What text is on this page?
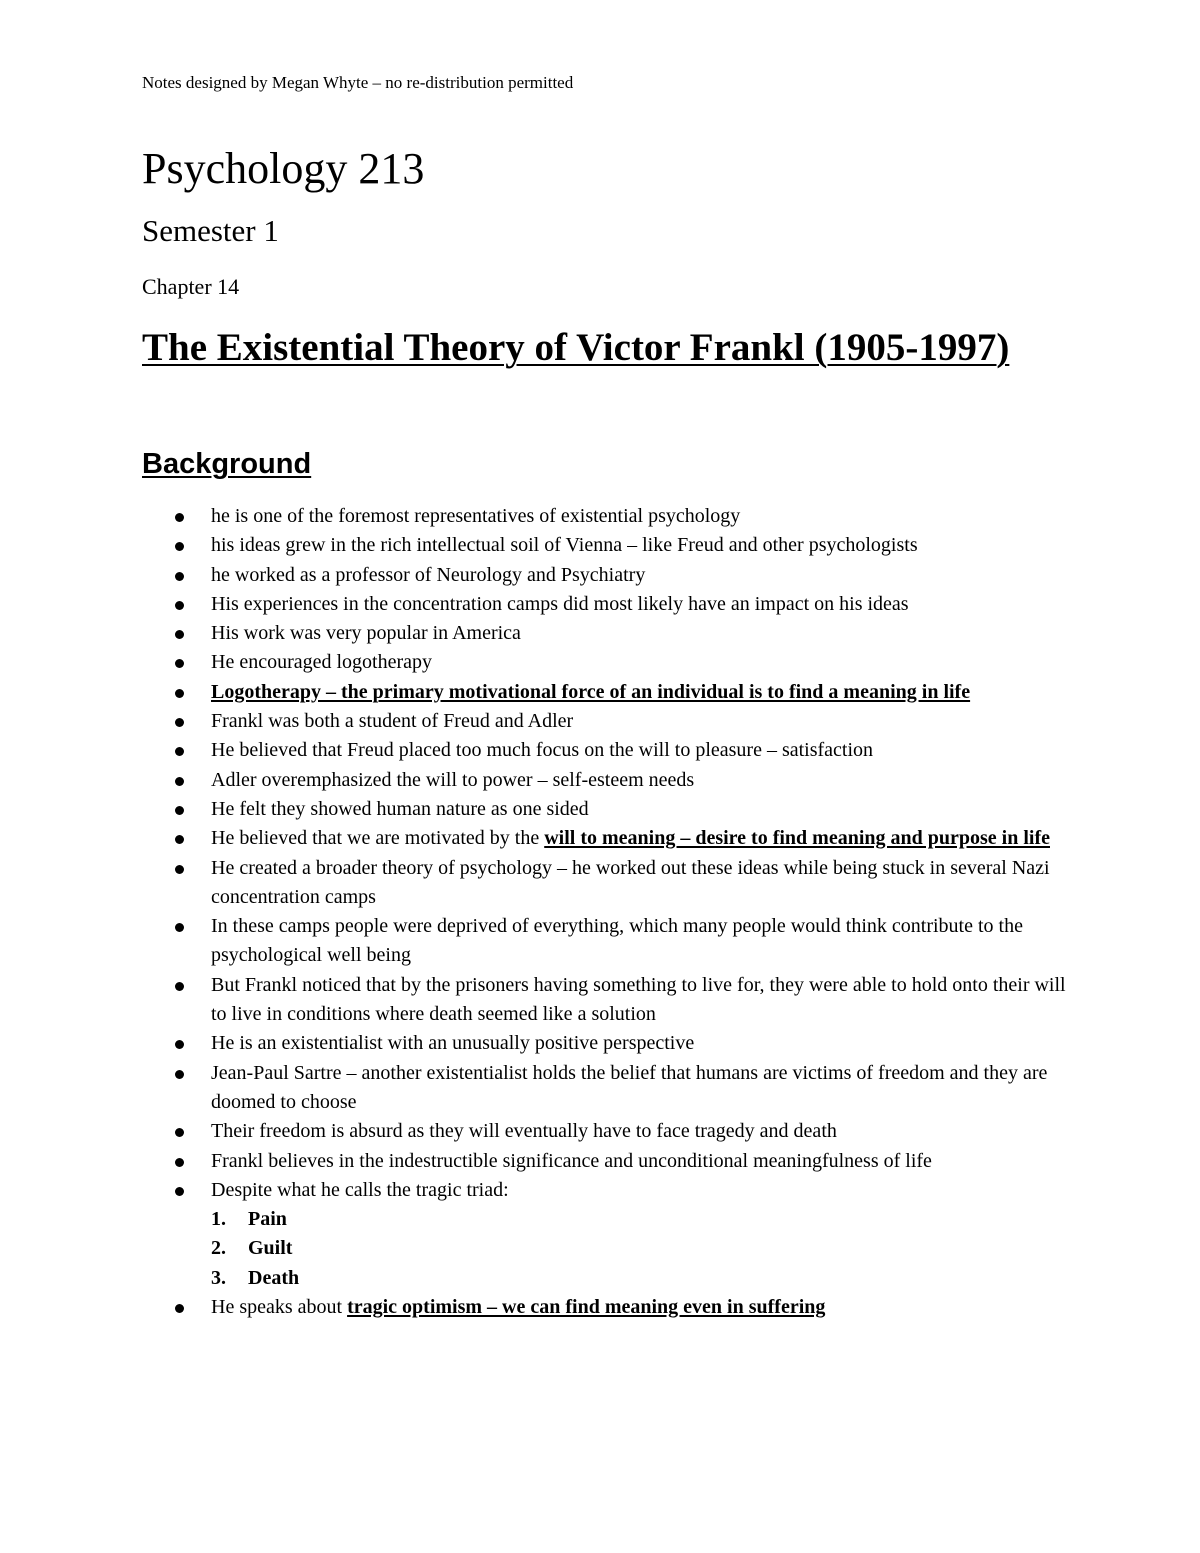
Notes designed by Megan Whyte – no re-distribution permitted
Psychology 213
Semester 1
Chapter 14
The Existential Theory of Victor Frankl (1905-1997)
Background
he is one of the foremost representatives of existential psychology
his ideas grew in the rich intellectual soil of Vienna – like Freud and other psychologists
he worked as a professor of Neurology and Psychiatry
His experiences in the concentration camps did most likely have an impact on his ideas
His work was very popular in America
He encouraged logotherapy
Logotherapy – the primary motivational force of an individual is to find a meaning in life
Frankl was both a student of Freud and Adler
He believed that Freud placed too much focus on the will to pleasure – satisfaction
Adler overemphasized the will to power – self-esteem needs
He felt they showed human nature as one sided
He believed that we are motivated by the will to meaning – desire to find meaning and purpose in life
He created a broader theory of psychology – he worked out these ideas while being stuck in several Nazi concentration camps
In these camps people were deprived of everything, which many people would think contribute to the psychological well being
But Frankl noticed that by the prisoners having something to live for, they were able to hold onto their will to live in conditions where death seemed like a solution
He is an existentialist with an unusually positive perspective
Jean-Paul Sartre – another existentialist holds the belief that humans are victims of freedom and they are doomed to choose
Their freedom is absurd as they will eventually have to face tragedy and death
Frankl believes in the indestructible significance and unconditional meaningfulness of life
Despite what he calls the tragic triad:
1. Pain
2. Guilt
3. Death
He speaks about tragic optimism – we can find meaning even in suffering
